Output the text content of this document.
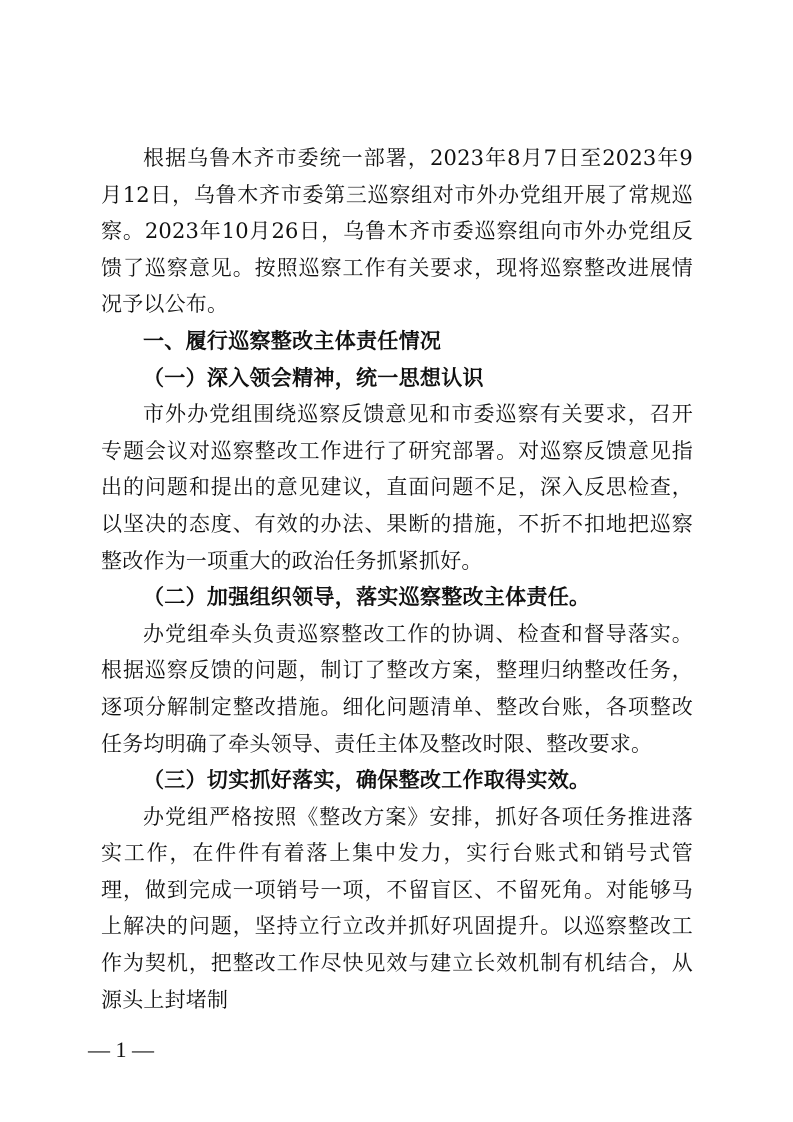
根据乌鲁木齐市委统一部署，2023年8月7日至2023年9月12日，乌鲁木齐市委第三巡察组对市外办党组开展了常规巡察。2023年10月26日，乌鲁木齐市委巡察组向市外办党组反馈了巡察意见。按照巡察工作有关要求，现将巡察整改进展情况予以公布。

一、履行巡察整改主体责任情况

（一）深入领会精神，统一思想认识

市外办党组围绕巡察反馈意见和市委巡察有关要求，召开专题会议对巡察整改工作进行了研究部署。对巡察反馈意见指出的问题和提出的意见建议，直面问题不足，深入反思检查，以坚决的态度、有效的办法、果断的措施，不折不扣地把巡察整改作为一项重大的政治任务抓紧抓好。

（二）加强组织领导，落实巡察整改主体责任。

办党组牵头负责巡察整改工作的协调、检查和督导落实。根据巡察反馈的问题，制订了整改方案，整理归纳整改任务，逐项分解制定整改措施。细化问题清单、整改台账，各项整改任务均明确了牵头领导、责任主体及整改时限、整改要求。

（三）切实抓好落实，确保整改工作取得实效。

办党组严格按照《整改方案》安排，抓好各项任务推进落实工作，在件件有着落上集中发力，实行台账式和销号式管理，做到完成一项销号一项，不留盲区、不留死角。对能够马上解决的问题，坚持立行立改并抓好巩固提升。以巡察整改工作为契机，把整改工作尽快见效与建立长效机制有机结合，从源头上封堵制

— 1 —
